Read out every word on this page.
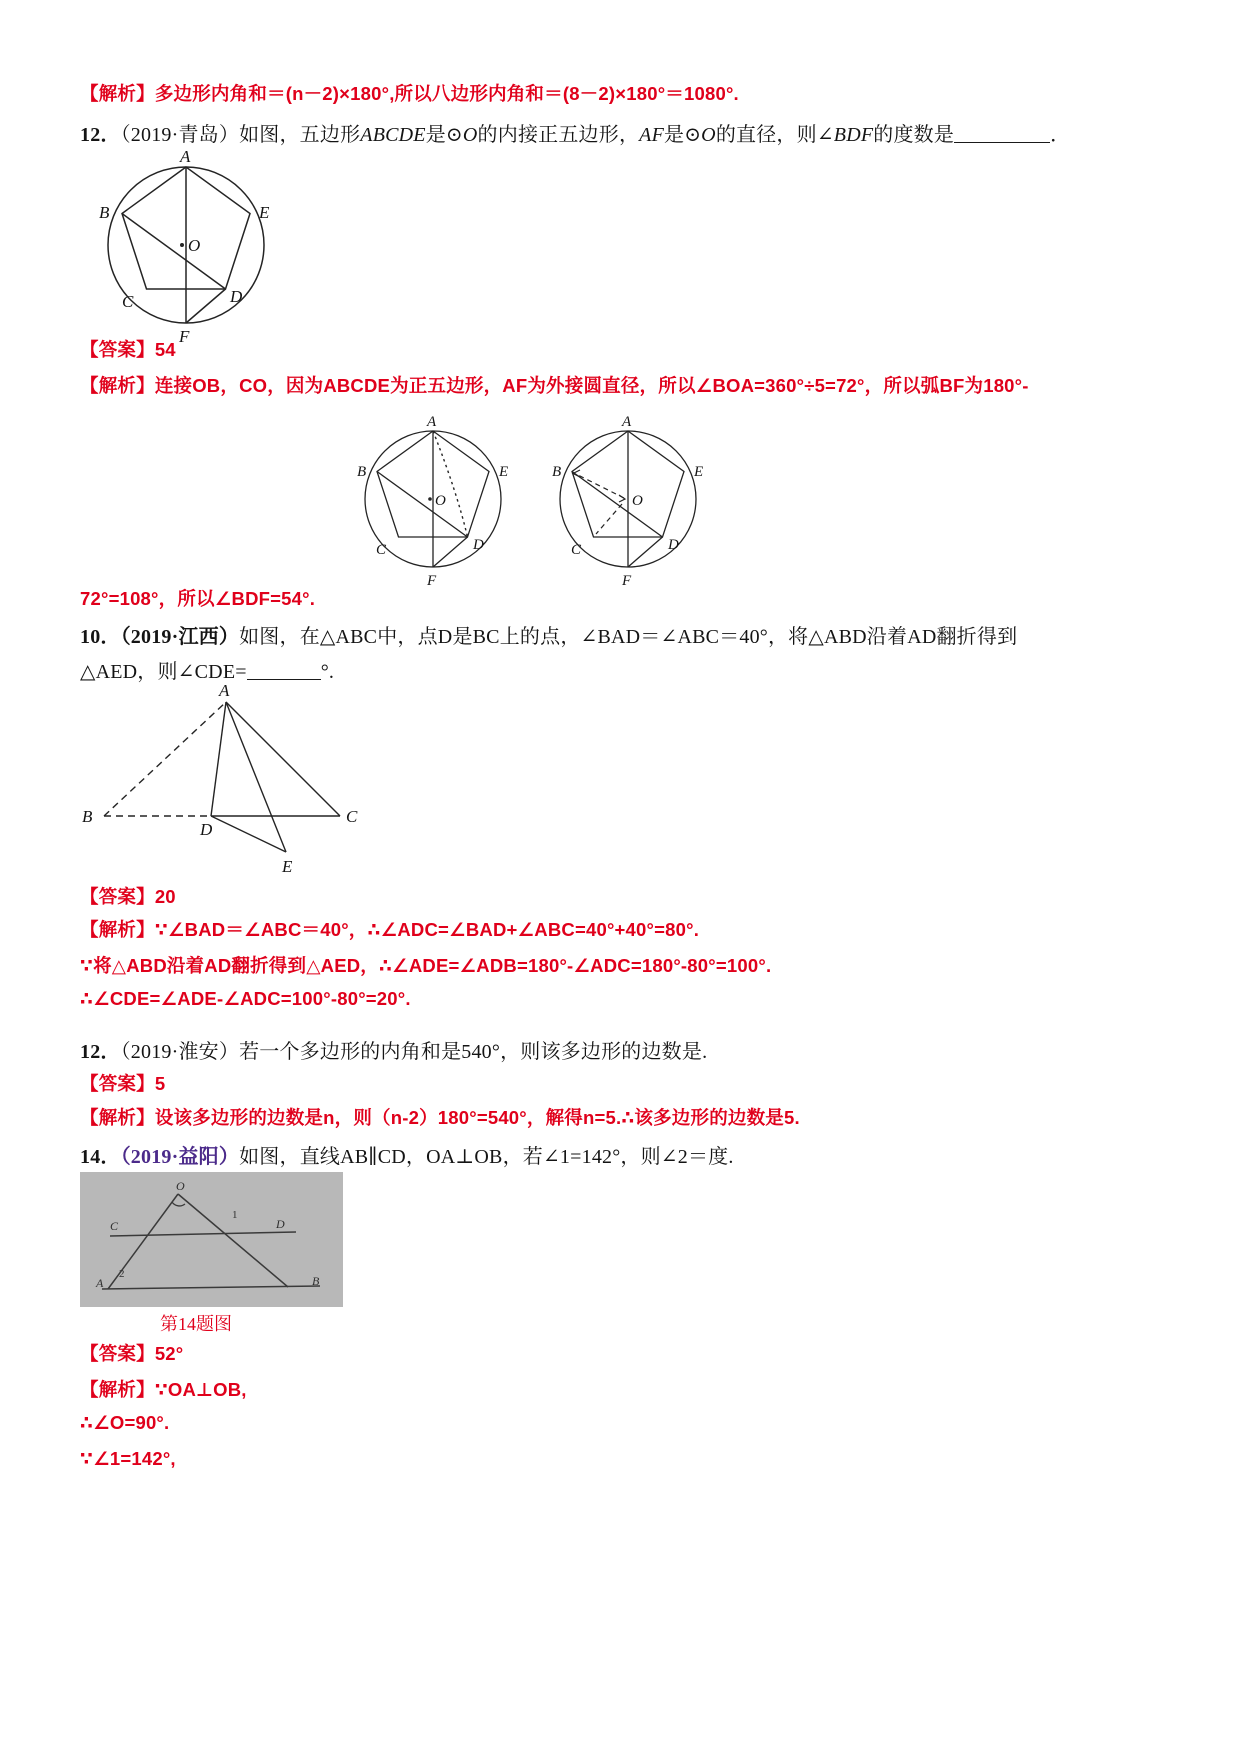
【解析】多边形内角和＝(n－2)×180°,所以八边形内角和＝(8－2)×180°＝1080°.
12．（2019·青岛）如图，五边形ABCDE是⊙O的内接正五边形，AF是⊙O的直径，则∠BDF的度数是	．
A
B	E
C	D
F
O
【答案】54
【解析】连接OB，CO，因为ABCDE为正五边形，AF为外接圆直径，所以∠BOA=360°÷5=72°，所以弧BF为180°-
A
B	E
C	D
F
O
A
B	E
C	D
F
O
72°=108°，所以∠BDF=54°.
10．（2019·江西）如图，在△ABC中，点D是BC上的点，∠BAD＝∠ABC＝40°，将△ABD沿着AD翻折得到
△AED，则∠CDE=	°.
A
B
D
C
E
【答案】20
【解析】∵∠BAD＝∠ABC＝40°，∴∠ADC=∠BAD+∠ABC=40°+40°=80°.
∵将△ABD沿着AD翻折得到△AED，∴∠ADE=∠ADB=180°-∠ADC=180°-80°=100°.
∴∠CDE=∠ADE-∠ADC=100°-80°=20°.
12．（2019·淮安）若一个多边形的内角和是540°，则该多边形的边数是.
【答案】5
【解析】设该多边形的边数是n，则（n-2）180°=540°，解得n=5.∴该多边形的边数是5.
14．（2019·益阳）如图，直线AB∥CD，OA⊥OB，若∠1=142°，则∠2＝度.
O
C	D
A	B
1
2
第14题图
【答案】52°
【解析】∵OA⊥OB,
∴∠O=90°.
∵∠1=142°,
